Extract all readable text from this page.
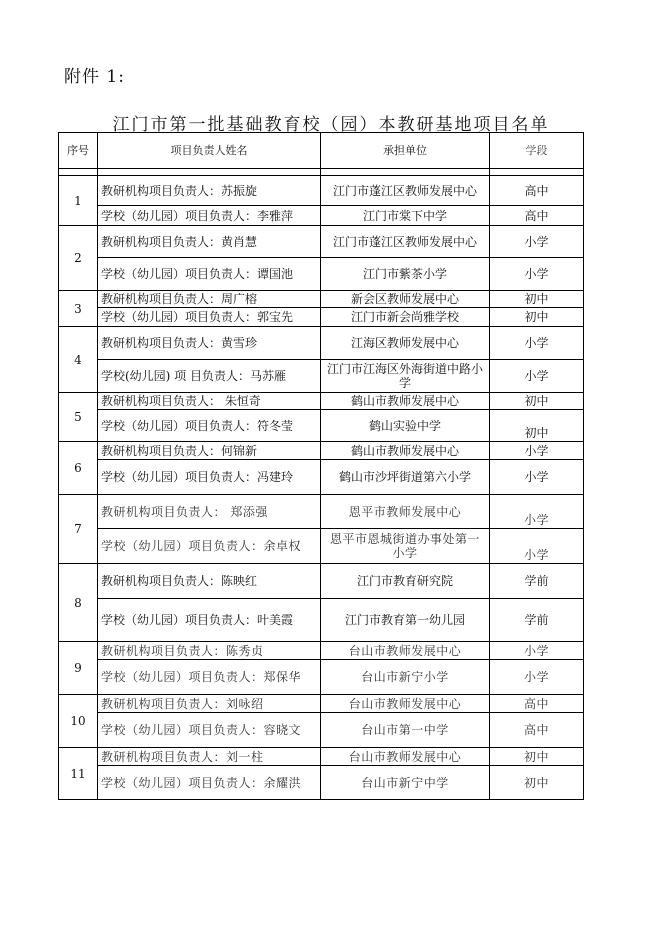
附件 1:
江门市第一批基础教育校（园）本教研基地项目名单
序号	项目负责人姓名	承担单位	学段

1	教研机构项目负责人：苏振旋	江门市蓬江区教师发展中心	高中
	学校（幼儿园）项目负责人：李雅萍	江门市棠下中学	高中
2	教研机构项目负责人：黄肖慧	江门市蓬江区教师发展中心	小学
	学校（幼儿园）项目负责人：谭国池	江门市紫茶小学	小学
3	教研机构项目负责人：周广榕	新会区教师发展中心	初中
	学校（幼儿园）项目负责人：郭宝先	江门市新会尚雅学校	初中
4	教研机构项目负责人：黄雪珍	江海区教师发展中心	小学
	学校(幼儿园) 项 目负责人：马苏雁	江门市江海区外海街道中路小学	小学
5	教研机构项目负责人： 朱恒奇	鹤山市教师发展中心	初中
	学校（幼儿园）项目负责人：符冬莹	鹤山实验中学	初中
6	教研机构项目负责人：何锦新	鹤山市教师发展中心	小学
	学校（幼儿园）项目负责人：冯建玲	鹤山市沙坪街道第六小学	小学
7	教研机构项目负责人： 郑添强	恩平市教师发展中心	小学
	学校（幼儿园）项目负责人：余卓权	恩平市恩城街道办事处第一小学	小学
8	教研机构项目负责人：陈映红	江门市教育研究院	学前
	学校（幼儿园）项目负责人：叶美霞	江门市教育第一幼儿园	学前
9	教研机构项目负责人：陈秀贞	台山市教师发展中心	小学
	学校（幼儿园）项目负责人：郑保华	台山市新宁小学	小学
10	教研机构项目负责人：刘咏绍	台山市教师发展中心	高中
	学校（幼儿园）项目负责人：容晓文	台山市第一中学	高中
11	教研机构项目负责人：刘一柱	台山市教师发展中心	初中
	学校（幼儿园）项目负责人：余耀洪	台山市新宁中学	初中
